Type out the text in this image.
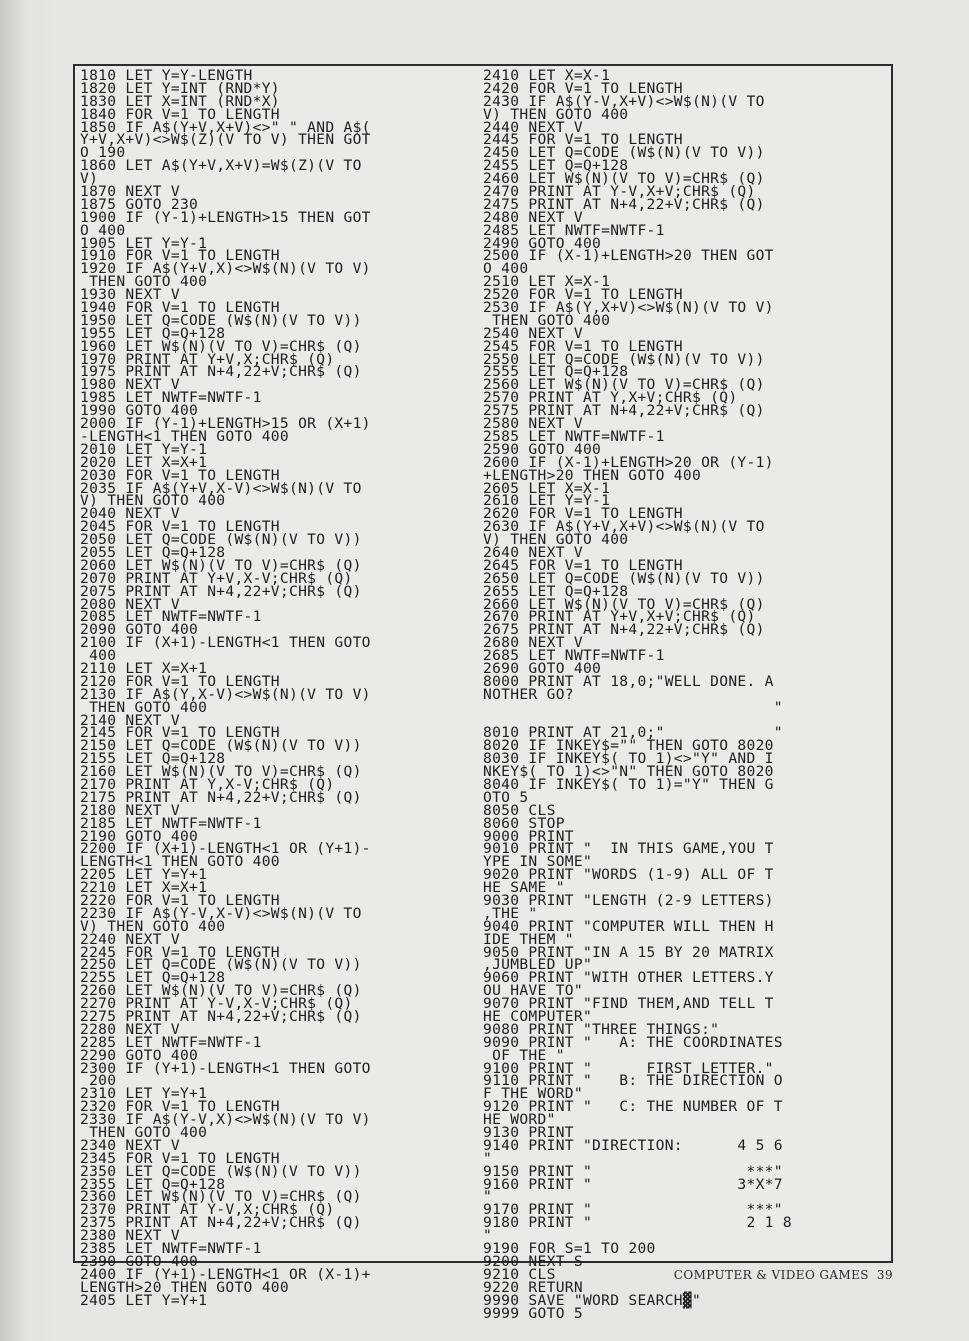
1810 LET Y=Y-LENGTH
1820 LET Y=INT (RND*Y)
1830 LET X=INT (RND*X)
1840 FOR V=1 TO LENGTH
1850 IF A$(Y+V,X+V)<>" " AND A$(
Y+V,X+V)<>W$(Z)(V TO V) THEN GOT
O 190
1860 LET A$(Y+V,X+V)=W$(Z)(V TO
V)
1870 NEXT V
1875 GOTO 230
1900 IF (Y-1)+LENGTH>15 THEN GOT
O 400
1905 LET Y=Y-1
1910 FOR V=1 TO LENGTH
1920 IF A$(Y+V,X)<>W$(N)(V TO V)
THEN GOTO 400
1930 NEXT V
1940 FOR V=1 TO LENGTH
1950 LET Q=CODE (W$(N)(V TO V))
1955 LET Q=Q+128
1960 LET W$(N)(V TO V)=CHR$ (Q)
1970 PRINT AT Y+V,X;CHR$ (Q)
1975 PRINT AT N+4,22+V;CHR$ (Q)
1980 NEXT V
1985 LET NWTF=NWTF-1
1990 GOTO 400
2000 IF (Y-1)+LENGTH>15 OR (X+1)
-LENGTH<1 THEN GOTO 400
2010 LET Y=Y-1
2020 LET X=X+1
2030 FOR V=1 TO LENGTH
2035 IF A$(Y+V,X-V)<>W$(N)(V TO
V) THEN GOTO 400
2040 NEXT V
2045 FOR V=1 TO LENGTH
2050 LET Q=CODE (W$(N)(V TO V))
2055 LET Q=Q+128
2060 LET W$(N)(V TO V)=CHR$ (Q)
2070 PRINT AT Y+V,X-V;CHR$ (Q)
2075 PRINT AT N+4,22+V;CHR$ (Q)
2080 NEXT V
2085 LET NWTF=NWTF-1
2090 GOTO 400
2100 IF (X+1)-LENGTH<1 THEN GOTO
400
2110 LET X=X+1
2120 FOR V=1 TO LENGTH
2130 IF A$(Y,X-V)<>W$(N)(V TO V)
THEN GOTO 400
2140 NEXT V
2145 FOR V=1 TO LENGTH
2150 LET Q=CODE (W$(N)(V TO V))
2155 LET Q=Q+128
2160 LET W$(N)(V TO V)=CHR$ (Q)
2170 PRINT AT Y,X-V;CHR$ (Q)
2175 PRINT AT N+4,22+V;CHR$ (Q)
2180 NEXT V
2185 LET NWTF=NWTF-1
2190 GOTO 400
2200 IF (X+1)-LENGTH<1 OR (Y+1)-
LENGTH<1 THEN GOTO 400
2205 LET Y=Y+1
2210 LET X=X+1
2220 FOR V=1 TO LENGTH
2230 IF A$(Y-V,X-V)<>W$(N)(V TO
V) THEN GOTO 400
2240 NEXT V
2245 FOR V=1 TO LENGTH
2250 LET Q=CODE (W$(N)(V TO V))
2255 LET Q=Q+128
2260 LET W$(N)(V TO V)=CHR$ (Q)
2270 PRINT AT Y-V,X-V;CHR$ (Q)
2275 PRINT AT N+4,22+V;CHR$ (Q)
2280 NEXT V
2285 LET NWTF=NWTF-1
2290 GOTO 400
2300 IF (Y+1)-LENGTH<1 THEN GOTO
200
2310 LET Y=Y+1
2320 FOR V=1 TO LENGTH
2330 IF A$(Y-V,X)<>W$(N)(V TO V)
THEN GOTO 400
2340 NEXT V
2345 FOR V=1 TO LENGTH
2350 LET Q=CODE (W$(N)(V TO V))
2355 LET Q=Q+128
2360 LET W$(N)(V TO V)=CHR$ (Q)
2370 PRINT AT Y-V,X;CHR$ (Q)
2375 PRINT AT N+4,22+V;CHR$ (Q)
2380 NEXT V
2385 LET NWTF=NWTF-1
2390 GOTO 400
2400 IF (Y+1)-LENGTH<1 OR (X-1)+
LENGTH>20 THEN GOTO 400
2405 LET Y=Y+1
2410 LET X=X-1
2420 FOR V=1 TO LENGTH
2430 IF A$(Y-V,X+V)<>W$(N)(V TO
V) THEN GOTO 400
2440 NEXT V
2445 FOR V=1 TO LENGTH
2450 LET Q=CODE (W$(N)(V TO V))
2455 LET Q=Q+128
2460 LET W$(N)(V TO V)=CHR$ (Q)
2470 PRINT AT Y-V,X+V;CHR$ (Q)
2475 PRINT AT N+4,22+V;CHR$ (Q)
2480 NEXT V
2485 LET NWTF=NWTF-1
2490 GOTO 400
2500 IF (X-1)+LENGTH>20 THEN GOT
O 400
2510 LET X=X-1
2520 FOR V=1 TO LENGTH
2530 IF A$(Y,X+V)<>W$(N)(V TO V)
THEN GOTO 400
2540 NEXT V
2545 FOR V=1 TO LENGTH
2550 LET Q=CODE (W$(N)(V TO V))
2555 LET Q=Q+128
2560 LET W$(N)(V TO V)=CHR$ (Q)
2570 PRINT AT Y,X+V;CHR$ (Q)
2575 PRINT AT N+4,22+V;CHR$ (Q)
2580 NEXT V
2585 LET NWTF=NWTF-1
2590 GOTO 400
2600 IF (X-1)+LENGTH>20 OR (Y-1)
+LENGTH>20 THEN GOTO 400
2605 LET X=X-1
2610 LET Y=Y-1
2620 FOR V=1 TO LENGTH
2630 IF A$(Y+V,X+V)<>W$(N)(V TO
V) THEN GOTO 400
2640 NEXT V
2645 FOR V=1 TO LENGTH
2650 LET Q=CODE (W$(N)(V TO V))
2655 LET Q=Q+128
2660 LET W$(N)(V TO V)=CHR$ (Q)
2670 PRINT AT Y+V,X+V;CHR$ (Q)
2675 PRINT AT N+4,22+V;CHR$ (Q)
2680 NEXT V
2685 LET NWTF=NWTF-1
2690 GOTO 400
8000 PRINT AT 18,0;"WELL DONE. A
NOTHER GO?
"
8010 PRINT AT 21,0;"            "
8020 IF INKEY$="" THEN GOTO 8020
8030 IF INKEY$( TO 1)<>"Y" AND I
NKEY$( TO 1)<>"N" THEN GOTO 8020
8040 IF INKEY$( TO 1)="Y" THEN G
OTO 5
8050 CLS
8060 STOP
9000 PRINT
9010 PRINT "  IN THIS GAME,YOU T
YPE IN SOME"
9020 PRINT "WORDS (1-9) ALL OF T
HE SAME "
9030 PRINT "LENGTH (2-9 LETTERS)
,THE "
9040 PRINT "COMPUTER WILL THEN H
IDE THEM "
9050 PRINT "IN A 15 BY 20 MATRIX
,JUMBLED UP"
9060 PRINT "WITH OTHER LETTERS.Y
OU HAVE TO"
9070 PRINT "FIND THEM,AND TELL T
HE COMPUTER"
9080 PRINT "THREE THINGS:"
9090 PRINT "   A: THE COORDINATES
OF THE "
9100 PRINT "      FIRST LETTER."
9110 PRINT "   B: THE DIRECTION O
F THE WORD"
9120 PRINT "   C: THE NUMBER OF T
HE WORD"
9130 PRINT
9140 PRINT "DIRECTION:      4 5 6
"
9150 PRINT "                 ***"
9160 PRINT "                3*X*7
"
9170 PRINT "                 ***"
9180 PRINT "                 2 1 8
"
9190 FOR S=1 TO 200
9200 NEXT S
9210 CLS
9220 RETURN
9990 SAVE "WORD SEARCH▓"
9999 GOTO 5
COMPUTER & VIDEO GAMES 39
